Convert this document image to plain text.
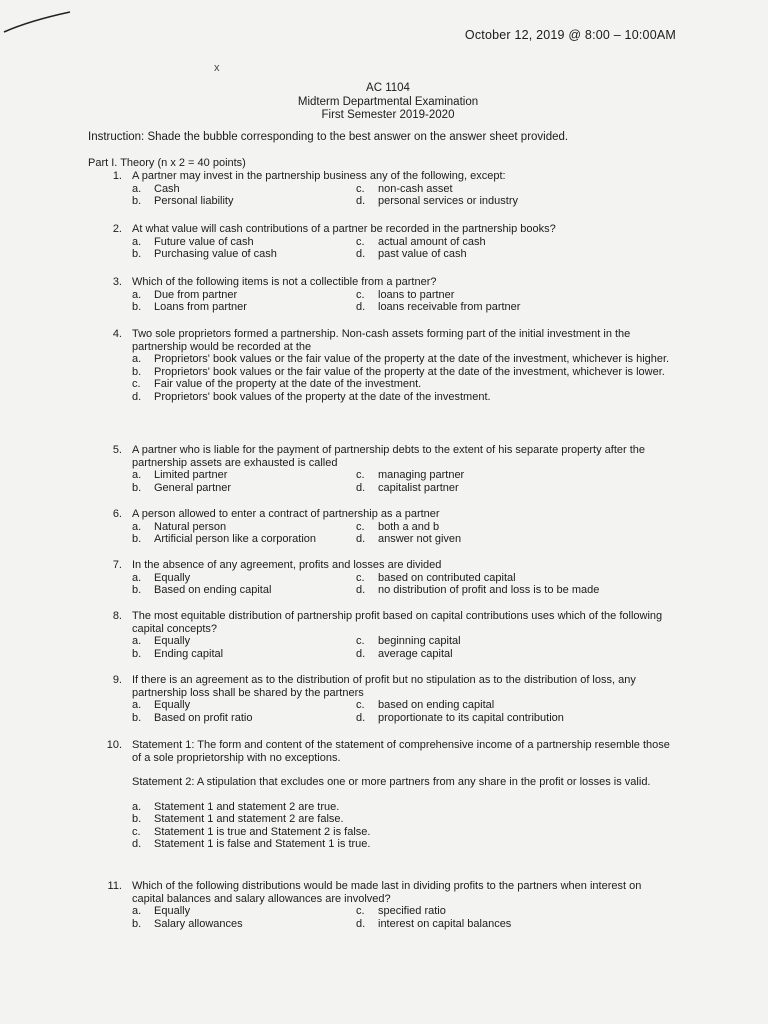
October 12, 2019 @ 8:00 – 10:00AM
x
AC 1104
Midterm Departmental Examination
First Semester 2019-2020
Instruction: Shade the bubble corresponding to the best answer on the answer sheet provided.
Part I. Theory (n x 2 = 40 points)
1. A partner may invest in the partnership business any of the following, except:
a.	Cash	c.	non-cash asset
b.	Personal liability	d.	personal services or industry
2. At what value will cash contributions of a partner be recorded in the partnership books?
a.	Future value of cash	c.	actual amount of cash
b.	Purchasing value of cash	d.	past value of cash
3. Which of the following items is not a collectible from a partner?
a.	Due from partner	c.	loans to partner
b.	Loans from partner	d.	loans receivable from partner
4. Two sole proprietors formed a partnership. Non-cash assets forming part of the initial investment in the partnership would be recorded at the
a.	Proprietors' book values or the fair value of the property at the date of the investment, whichever is higher.
b.	Proprietors' book values or the fair value of the property at the date of the investment, whichever is lower.
c.	Fair value of the property at the date of the investment.
d.	Proprietors' book values of the property at the date of the investment.
5. A partner who is liable for the payment of partnership debts to the extent of his separate property after the partnership assets are exhausted is called
a.	Limited partner	c.	managing partner
b.	General partner	d.	capitalist partner
6. A person allowed to enter a contract of partnership as a partner
a.	Natural person	c.	both a and b
b.	Artificial person like a corporation	d.	answer not given
7. In the absence of any agreement, profits and losses are divided
a.	Equally	c.	based on contributed capital
b.	Based on ending capital	d.	no distribution of profit and loss is to be made
8. The most equitable distribution of partnership profit based on capital contributions uses which of the following capital concepts?
a.	Equally	c.	beginning capital
b.	Ending capital	d.	average capital
9. If there is an agreement as to the distribution of profit but no stipulation as to the distribution of loss, any partnership loss shall be shared by the partners
a.	Equally	c.	based on ending capital
b.	Based on profit ratio	d.	proportionate to its capital contribution
10. Statement 1: The form and content of the statement of comprehensive income of a partnership resemble those of a sole proprietorship with no exceptions.
Statement 2: A stipulation that excludes one or more partners from any share in the profit or losses is valid.
a.	Statement 1 and statement 2 are true.
b.	Statement 1 and statement 2 are false.
c.	Statement 1 is true and Statement 2 is false.
d.	Statement 1 is false and Statement 1 is true.
11. Which of the following distributions would be made last in dividing profits to the partners when interest on capital balances and salary allowances are involved?
a.	Equally	c.	specified ratio
b.	Salary allowances	d.	interest on capital balances
